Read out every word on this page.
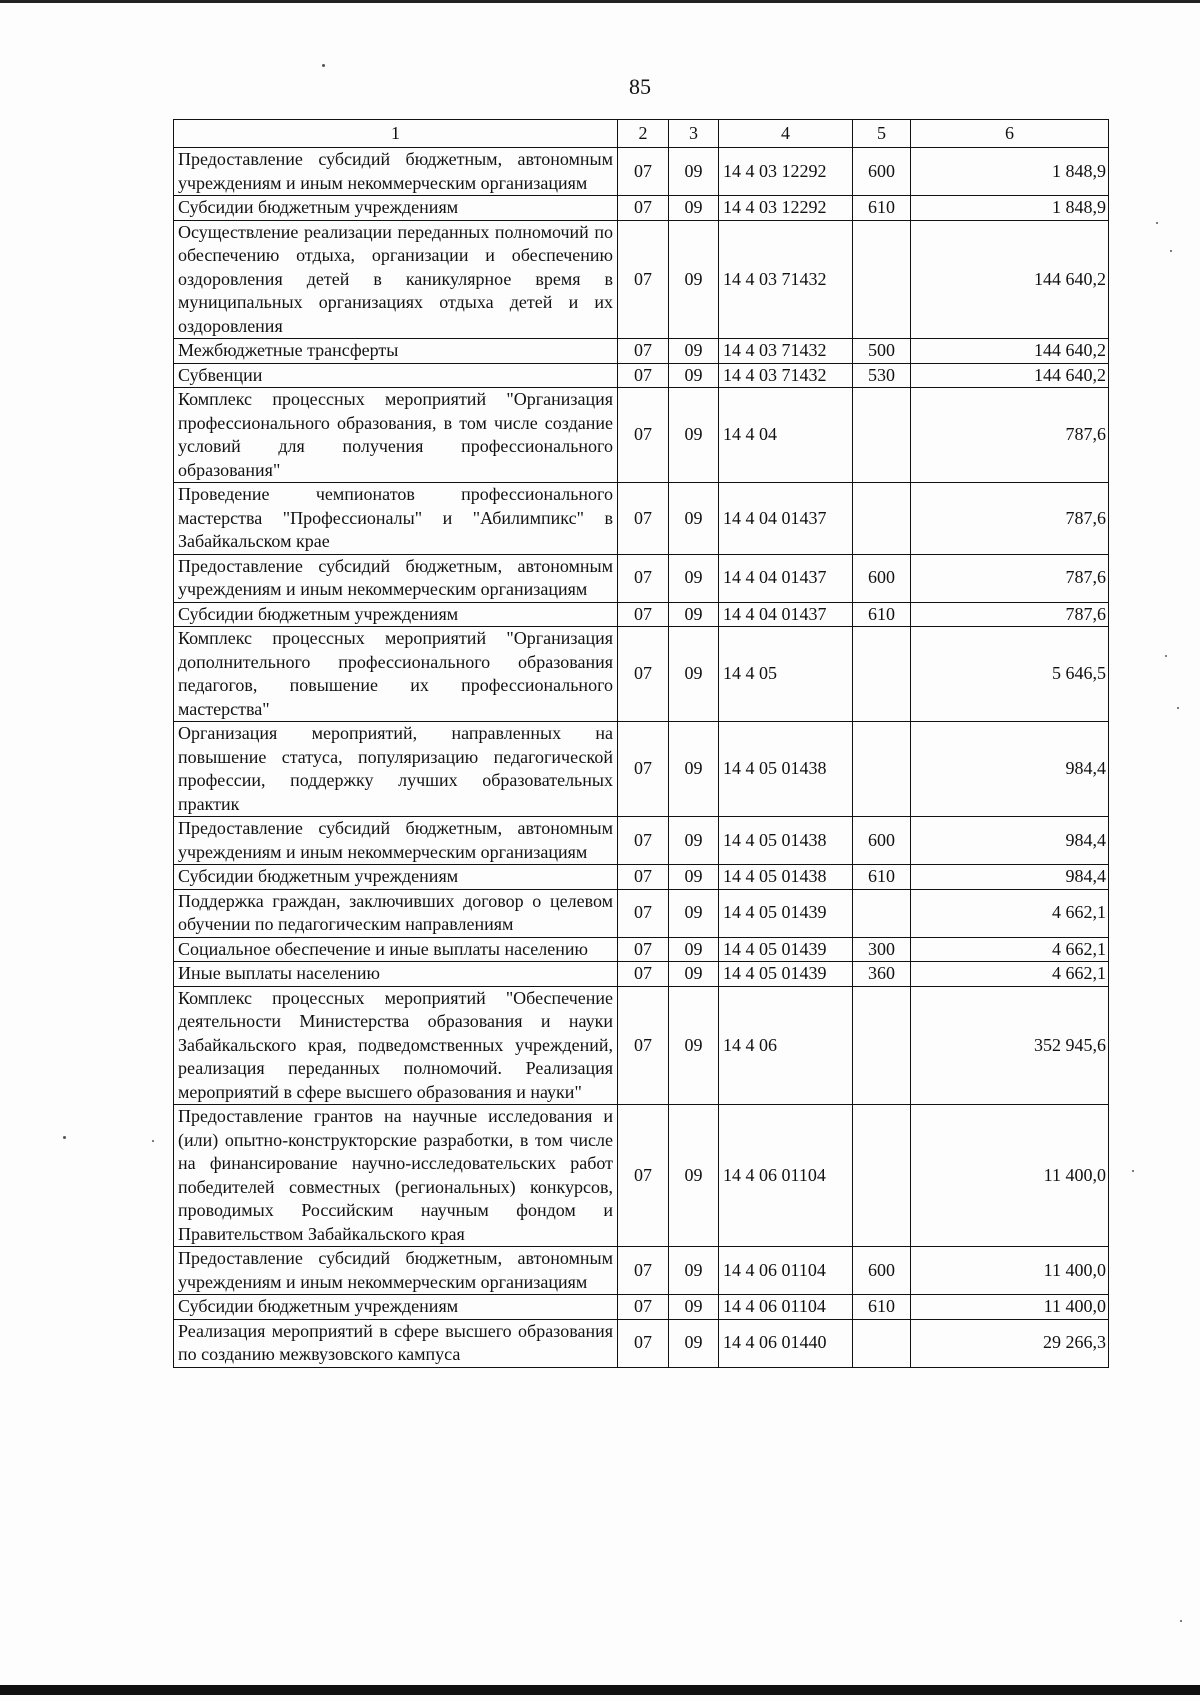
85
1	2	3	4	5	6
Предоставление субсидий бюджетным, автономным учреждениям и иным некоммерческим организациям	07	09	14 4 03 12292	600	1 848,9
Субсидии бюджетным учреждениям	07	09	14 4 03 12292	610	1 848,9
Осуществление реализации переданных полномочий по обеспечению отдыха, организации и обеспечению оздоровления детей в каникулярное время в муниципальных организациях отдыха детей и их оздоровления	07	09	14 4 03 71432		144 640,2
Межбюджетные трансферты	07	09	14 4 03 71432	500	144 640,2
Субвенции	07	09	14 4 03 71432	530	144 640,2
Комплекс процессных мероприятий "Организация профессионального образования, в том числе создание условий для получения профессионального образования"	07	09	14 4 04		787,6
Проведение чемпионатов профессионального мастерства "Профессионалы" и "Абилимпикс" в Забайкальском крае	07	09	14 4 04 01437		787,6
Предоставление субсидий бюджетным, автономным учреждениям и иным некоммерческим организациям	07	09	14 4 04 01437	600	787,6
Субсидии бюджетным учреждениям	07	09	14 4 04 01437	610	787,6
Комплекс процессных мероприятий "Организация дополнительного профессионального образования педагогов, повышение их профессионального мастерства"	07	09	14 4 05		5 646,5
Организация мероприятий, направленных на повышение статуса, популяризацию педагогической профессии, поддержку лучших образовательных практик	07	09	14 4 05 01438		984,4
Предоставление субсидий бюджетным, автономным учреждениям и иным некоммерческим организациям	07	09	14 4 05 01438	600	984,4
Субсидии бюджетным учреждениям	07	09	14 4 05 01438	610	984,4
Поддержка граждан, заключивших договор о целевом обучении по педагогическим направлениям	07	09	14 4 05 01439		4 662,1
Социальное обеспечение и иные выплаты населению	07	09	14 4 05 01439	300	4 662,1
Иные выплаты населению	07	09	14 4 05 01439	360	4 662,1
Комплекс процессных мероприятий "Обеспечение деятельности Министерства образования и науки Забайкальского края, подведомственных учреждений, реализация переданных полномочий. Реализация мероприятий в сфере высшего образования и науки"	07	09	14 4 06		352 945,6
Предоставление грантов на научные исследования и (или) опытно-конструкторские разработки, в том числе на финансирование научно-исследовательских работ победителей совместных (региональных) конкурсов, проводимых Российским научным фондом и Правительством Забайкальского края	07	09	14 4 06 01104		11 400,0
Предоставление субсидий бюджетным, автономным учреждениям и иным некоммерческим организациям	07	09	14 4 06 01104	600	11 400,0
Субсидии бюджетным учреждениям	07	09	14 4 06 01104	610	11 400,0
Реализация мероприятий в сфере высшего образования по созданию межвузовского кампуса	07	09	14 4 06 01440		29 266,3
